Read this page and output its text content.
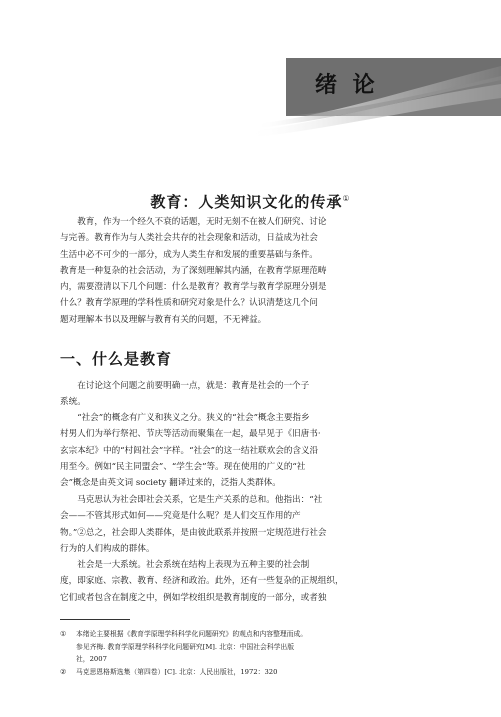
绪 论
教育：人类知识文化的传承①
教育，作为一个经久不衰的话题，无时无刻不在被人们研究、讨论
与完善。教育作为与人类社会共存的社会现象和活动，日益成为社会
生活中必不可少的一部分，成为人类生存和发展的重要基础与条件。
教育是一种复杂的社会活动，为了深刻理解其内涵，在教育学原理范畴
内，需要澄清以下几个问题：什么是教育？教育学与教育学原理分别是
什么？教育学原理的学科性质和研究对象是什么？认识清楚这几个问
题对理解本书以及理解与教育有关的问题，不无裨益。
一、什么是教育
在讨论这个问题之前要明确一点，就是：教育是社会的一个子
系统。
“社会”的概念有广义和狭义之分。狭义的“社会”概念主要指乡
村男人们为举行祭祀、节庆等活动而聚集在一起，最早见于《旧唐书·
玄宗本纪》中的“村闾社会”字样。“社会”的这一结社联欢会的含义沿
用至今。例如“民主同盟会”、“学生会”等。现在使用的广义的“社
会”概念是由英文词 society 翻译过来的，泛指人类群体。
马克思认为社会即社会关系，它是生产关系的总和。他指出：“社
会——不管其形式如何——究竟是什么呢？是人们交互作用的产
物。”②总之，社会即人类群体，是由彼此联系并按照一定规范进行社会
行为的人们构成的群体。
社会是一大系统。社会系统在结构上表现为五种主要的社会制
度，即家庭、宗教、教育、经济和政治。此外，还有一些复杂的正规组织，
它们或者包含在制度之中，例如学校组织是教育制度的一部分，或者独
① 本绪论主要根据《教育学原理学科科学化问题研究》的观点和内容整理而成。
参见齐梅. 教育学原理学科科学化问题研究[M]. 北京：中国社会科学出版
社，2007
② 马克思恩格斯选集（第四卷）[C]. 北京：人民出版社，1972：320
